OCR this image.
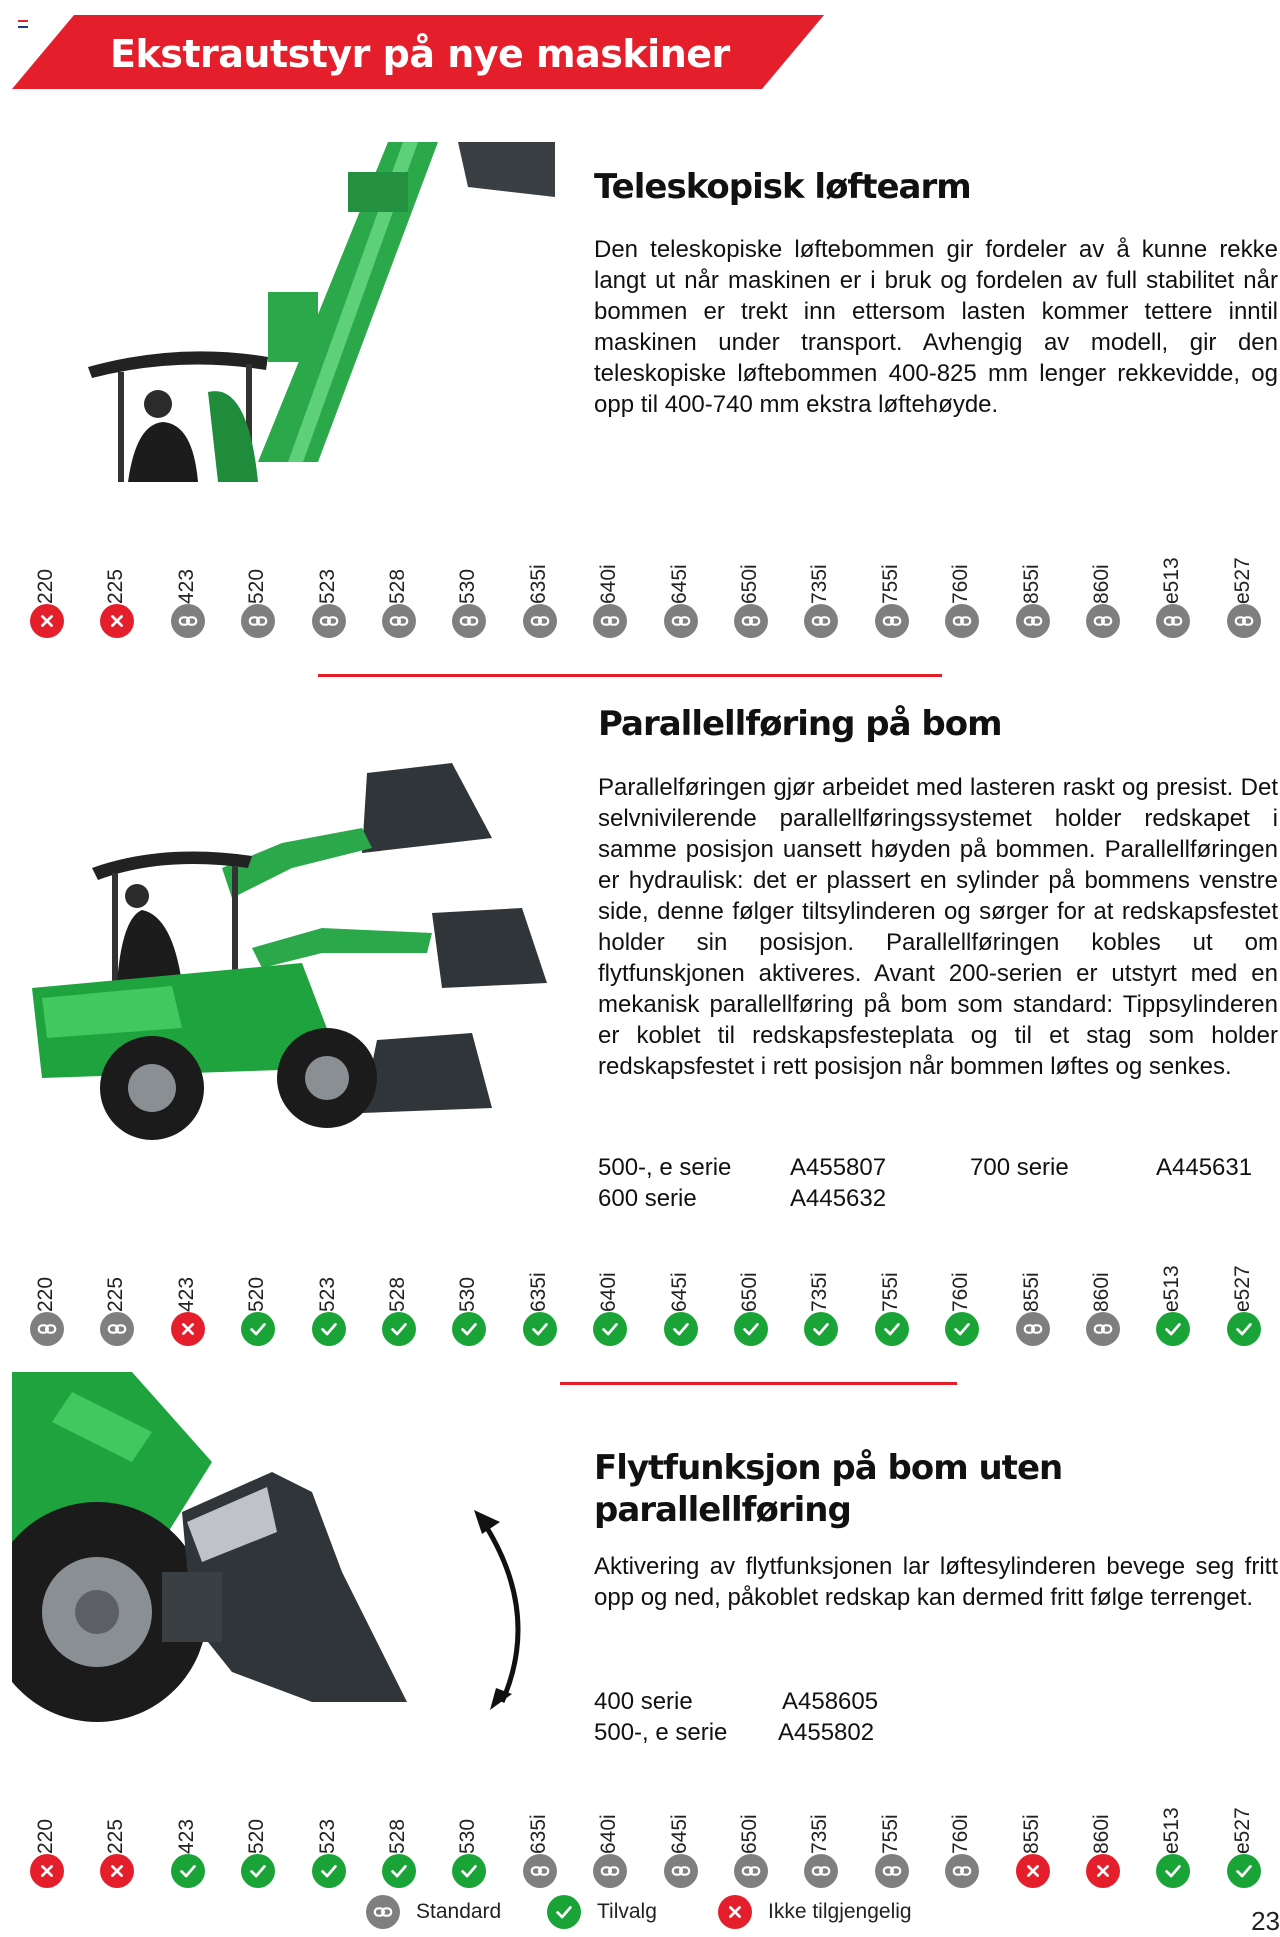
Ekstrautstyr på nye maskiner
Teleskopisk løftearm

Den teleskopiske løftebommen gir fordeler av å kunne rekke langt ut når maskinen er i bruk og fordelen av full stabilitet når bommen er trekt inn ettersom lasten kommer tettere inntil maskinen under transport. Avhengig av modell, gir den teleskopiske løftebommen 400-825 mm lenger rekkevidde, og opp til 400-740 mm ekstra løftehøyde.

220	225	423	520	523	528	530	635i	640i	645i	650i	735i	755i	760i	855i	860i	e513	e527
Parallellføring på bom

Parallelføringen gjør arbeidet med lasteren raskt og presist. Det selvnivilerende parallellføringssystemet holder redskapet i samme posisjon uansett høyden på bommen. Parallellføringen er hydraulisk: det er plassert en sylinder på bommens venstre side, denne følger tiltsylinderen og sørger for at redskapsfestet holder sin posisjon. Parallellføringen kobles ut om flytfunskjonen aktiveres. Avant 200-serien er utstyrt med en mekanisk parallellføring på bom som standard: Tippsylinderen er koblet til redskapsfesteplata og til et stag som holder redskapsfestet i rett posisjon når bommen løftes og senkes.

500-, e serie A455807	700 serie	A445631
600 serie	A445632
220	225	423	520	523	528	530	635i	640i	645i	650i	735i	755i	760i	855i	860i	e513	e527
Flytfunksjon på bom uten parallellføring

Aktivering av flytfunksjonen lar løftesylinderen bevege seg fritt opp og ned, påkoblet redskap kan dermed fritt følge terrenget.

400 serie	A458605
500-, e serie A455802
220	225	423	520	523	528	530	635i	640i	645i	650i	735i	755i	760i	855i	860i	e513	e527
Standard	Tilvalg	Ikke tilgjengelig	23
